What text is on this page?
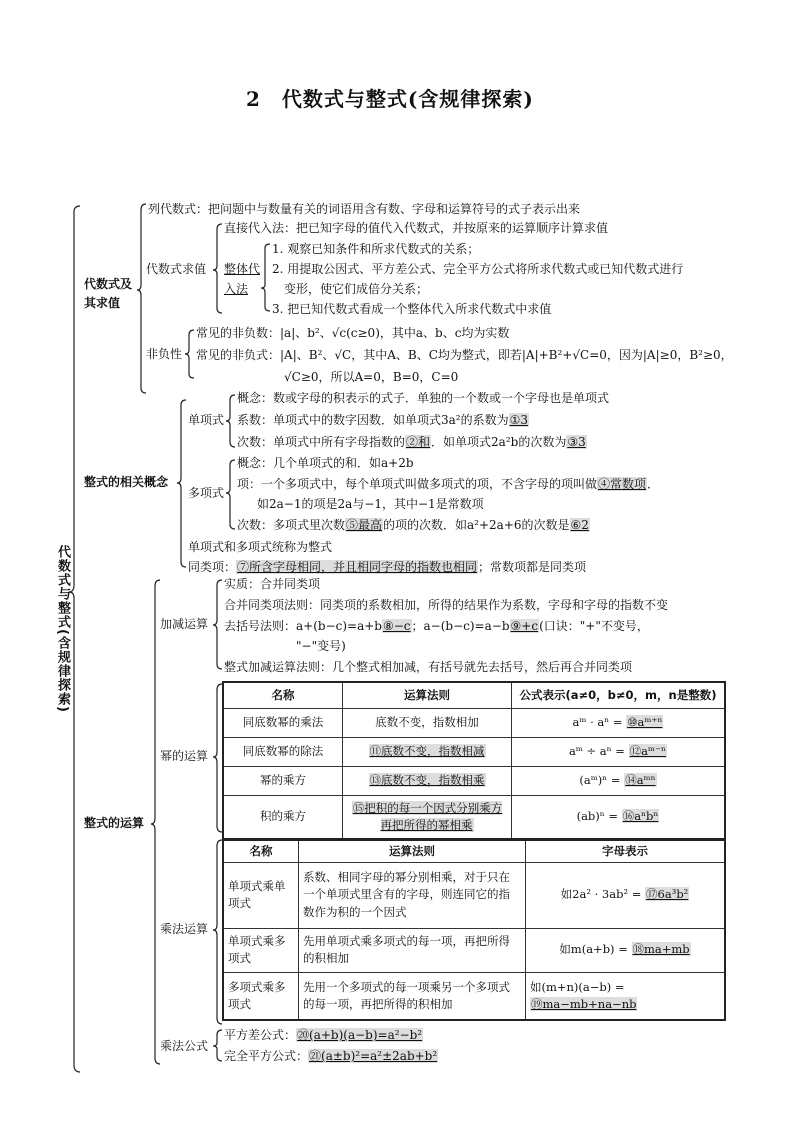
2　代数式与整式(含规律探索)
代数式与整式(含规律探索)
代数式及
其求值
列代数式：把问题中与数量有关的词语用含有数、字母和运算符号的式子表示出来
代数式求值
直接代入法：把已知字母的值代入代数式，并按原来的运算顺序计算求值
整体代
入法
1. 观察已知条件和所求代数式的关系；
2. 用提取公因式、平方差公式、完全平方公式将所求代数式或已知代数式进行
变形，使它们成倍分关系；
3. 把已知代数式看成一个整体代入所求代数式中求值
非负性
常见的非负数：|a|、b²、√c(c≥0)，其中a、b、c均为实数
常见的非负式：|A|、B²、√C，其中A、B、C均为整式，即若|A|+B²+√C=0，因为|A|≥0，B²≥0，
√C≥0，所以A=0，B=0，C=0
整式的相关概念
单项式
概念：数或字母的积表示的式子．单独的一个数或一个字母也是单项式
系数：单项式中的数字因数．如单项式3a²的系数为①3
次数：单项式中所有字母指数的②和．如单项式2a²b的次数为③3
多项式
概念：几个单项式的和．如a+2b
项：一个多项式中，每个单项式叫做多项式的项，不含字母的项叫做④常数项．
如2a−1的项是2a与−1，其中−1是常数项
次数：多项式里次数⑤最高的项的次数．如a²+2a+6的次数是⑥2
单项式和多项式统称为整式
同类项：⑦所含字母相同，并且相同字母的指数也相同；常数项都是同类项
整式的运算
加减运算
实质：合并同类项
合并同类项法则：同类项的系数相加，所得的结果作为系数，字母和字母的指数不变
去括号法则：a+(b−c)=a+b⑧−c；a−(b−c)=a−b⑨+c(口诀："+"不变号，
"−"变号)
整式加减运算法则：几个整式相加减，有括号就先去括号，然后再合并同类项
幂的运算
名称	运算法则	公式表示(a≠0，b≠0，m，n是整数)
同底数幂的乘法	底数不变，指数相加	aᵐ · aⁿ = ⑩aᵐ⁺ⁿ
同底数幂的除法	⑪底数不变，指数相减	aᵐ ÷ aⁿ = ⑫aᵐ⁻ⁿ
幂的乘方	⑬底数不变，指数相乘	(aᵐ)ⁿ = ⑭aᵐⁿ
积的乘方	⑮把积的每一个因式分别乘方再把所得的幂相乘	(ab)ⁿ = ⑯aⁿbⁿ
乘法运算
名称	运算法则	字母表示
单项式乘单项式	系数、相同字母的幂分别相乘，对于只在一个单项式里含有的字母，则连同它的指数作为积的一个因式	如2a² · 3ab² = ⑰6a³b²
单项式乘多项式	先用单项式乘多项式的每一项，再把所得的积相加	如m(a+b) = ⑱ma+mb
多项式乘多项式	先用一个多项式的每一项乘另一个多项式的每一项，再把所得的积相加	如(m+n)(a−b) = ⑲ma−mb+na−nb
乘法公式
平方差公式：⑳(a+b)(a−b)=a²−b²
完全平方公式：㉑(a±b)²=a²±2ab+b²
